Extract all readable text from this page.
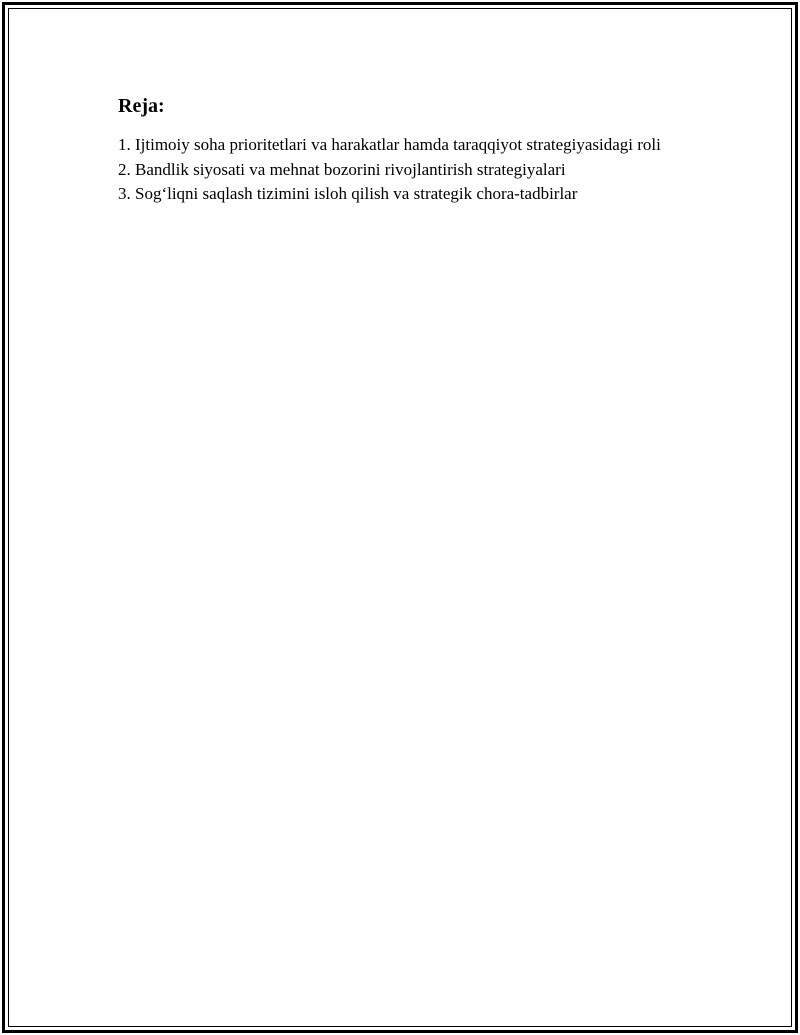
Reja:
1. Ijtimoiy soha prioritetlari va harakatlar hamda taraqqiyot strategiyasidagi roli
2. Bandlik siyosati va mehnat bozorini rivojlantirish strategiyalari
3. Sog‘liqni saqlash tizimini isloh qilish va strategik chora-tadbirlar
